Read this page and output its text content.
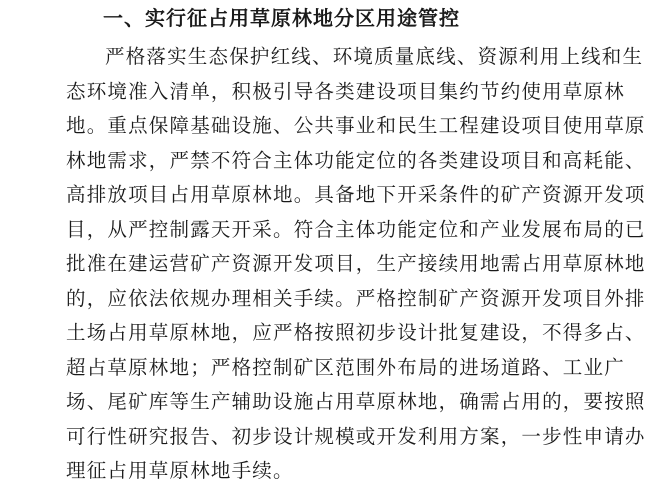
一、实行征占用草原林地分区用途管控
严格落实生态保护红线、环境质量底线、资源利用上线和生
态环境准入清单，积极引导各类建设项目集约节约使用草原林
地。重点保障基础设施、公共事业和民生工程建设项目使用草原
林地需求，严禁不符合主体功能定位的各类建设项目和高耗能、
高排放项目占用草原林地。具备地下开采条件的矿产资源开发项
目，从严控制露天开采。符合主体功能定位和产业发展布局的已
批准在建运营矿产资源开发项目，生产接续用地需占用草原林地
的，应依法依规办理相关手续。严格控制矿产资源开发项目外排
土场占用草原林地，应严格按照初步设计批复建设，不得多占、
超占草原林地；严格控制矿区范围外布局的进场道路、工业广
场、尾矿库等生产辅助设施占用草原林地，确需占用的，要按照
可行性研究报告、初步设计规模或开发利用方案，一步性申请办
理征占用草原林地手续。
